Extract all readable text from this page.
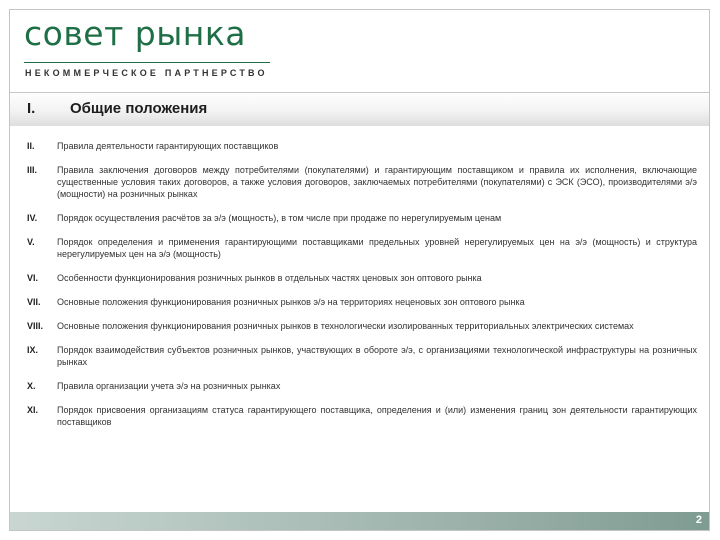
совет рынка
НЕКОММЕРЧЕСКОЕ ПАРТНЕРСТВО
I. Общие положения
II.	Правила деятельности гарантирующих поставщиков
III.	Правила заключения договоров между потребителями (покупателями) и гарантирующим поставщиком и правила их исполнения, включающие существенные условия таких договоров, а также условия договоров, заключаемых потребителями (покупателями) с ЭСК (ЭСО), производителями э/э (мощности) на розничных рынках
IV.	Порядок осуществления расчётов за э/э (мощность), в том числе при продаже по нерегулируемым ценам
V.	Порядок определения и применения гарантирующими поставщиками предельных уровней нерегулируемых цен на э/э (мощность) и структура нерегулируемых цен на э/э (мощность)
VI.	Особенности функционирования розничных рынков в отдельных частях ценовых зон оптового рынка
VII.	Основные положения функционирования розничных рынков э/э на территориях неценовых зон оптового рынка
VIII.	Основные положения функционирования розничных рынков в технологически изолированных территориальных электрических системах
IX.	Порядок взаимодействия субъектов розничных рынков, участвующих в обороте э/э, с организациями технологической инфраструктуры на розничных рынках
X.	Правила организации учета э/э на розничных рынках
XI.	Порядок присвоения организациям статуса гарантирующего поставщика, определения и (или) изменения границ зон деятельности гарантирующих поставщиков
2
